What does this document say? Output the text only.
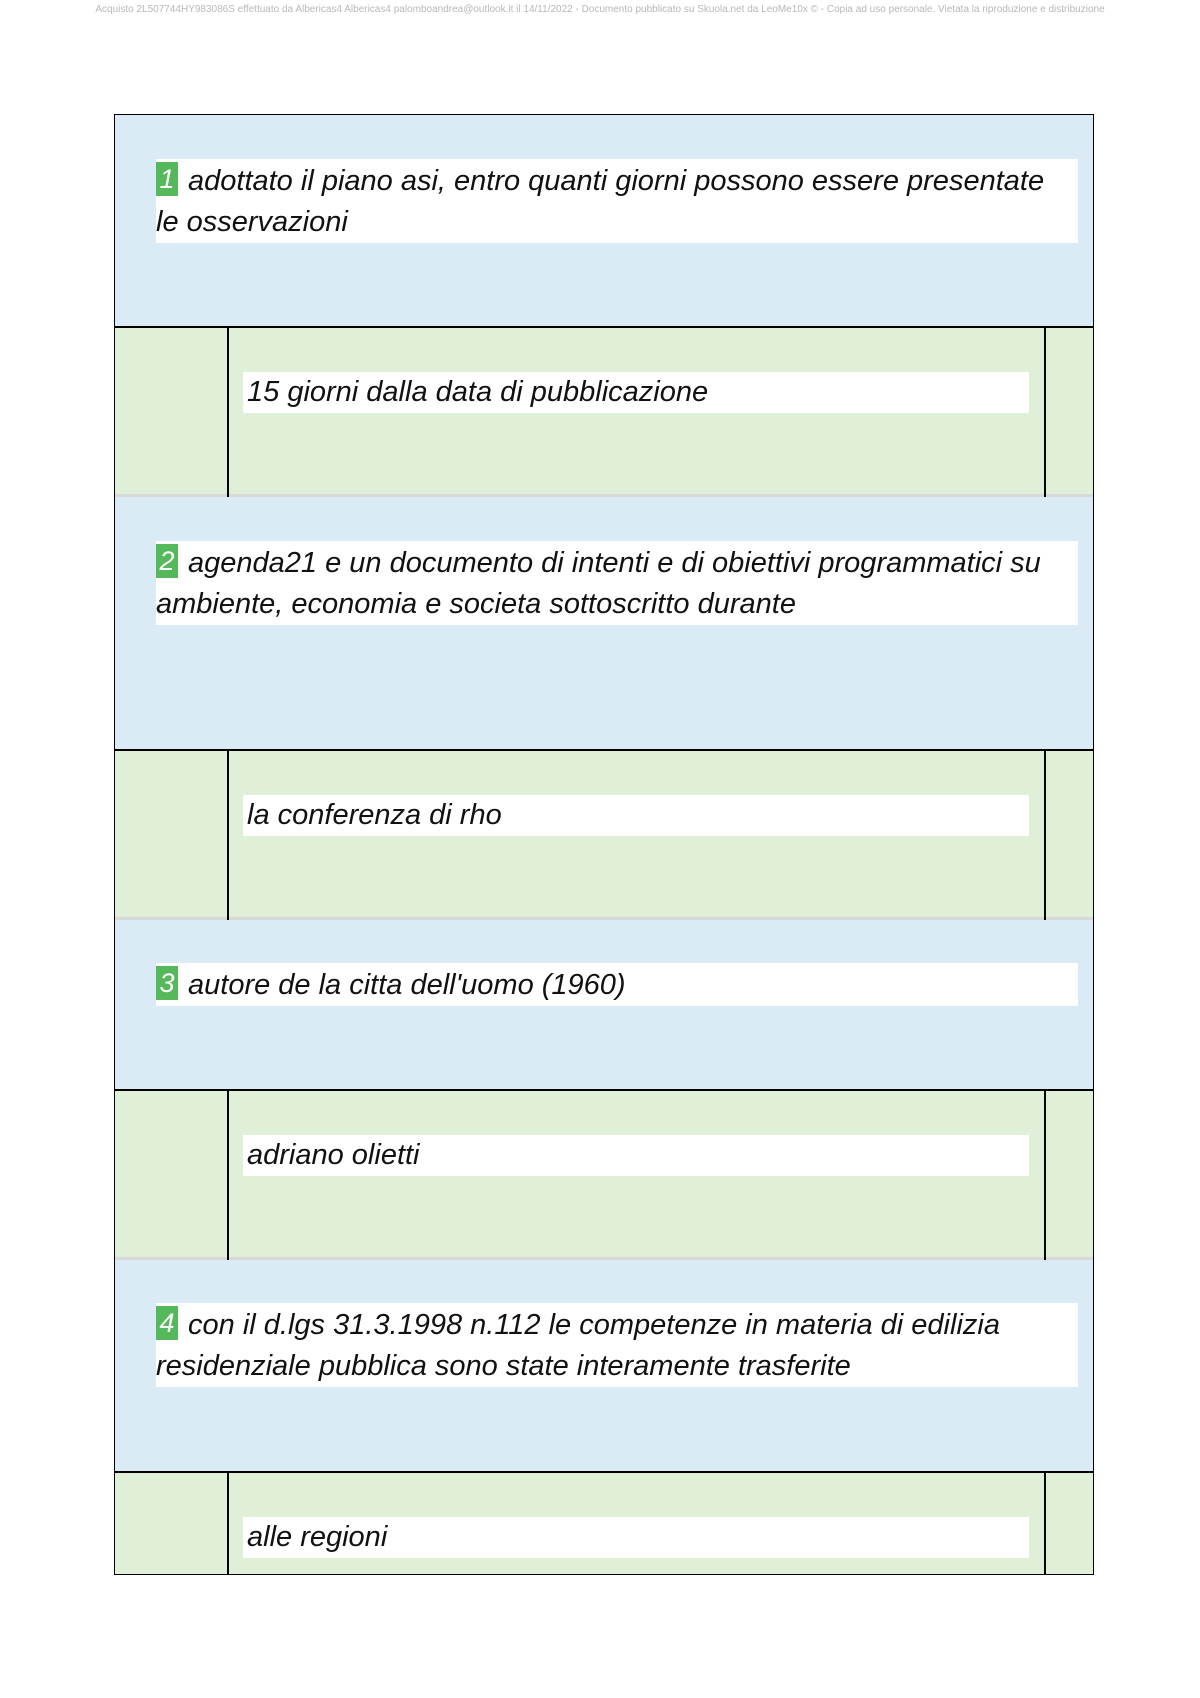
Acquisto 2L507744HY983086S effettuato da Albericas4 Albericas4 palomboandrea@outlook.it il 14/11/2022 - Documento pubblicato su Skuola.net da LeoMe10x © - Copia ad uso personale. Vietata la riproduzione e distribuzione
1 adottato il piano asi, entro quanti giorni possono essere presentate le osservazioni
15 giorni dalla data di pubblicazione
2 agenda21 e un documento di intenti e di obiettivi programmatici su ambiente, economia e societa sottoscritto durante
la conferenza di rho
3 autore de la citta dell'uomo (1960)
adriano olietti
4 con il d.lgs 31.3.1998 n.112 le competenze in materia di edilizia residenziale pubblica sono state interamente trasferite
alle regioni
